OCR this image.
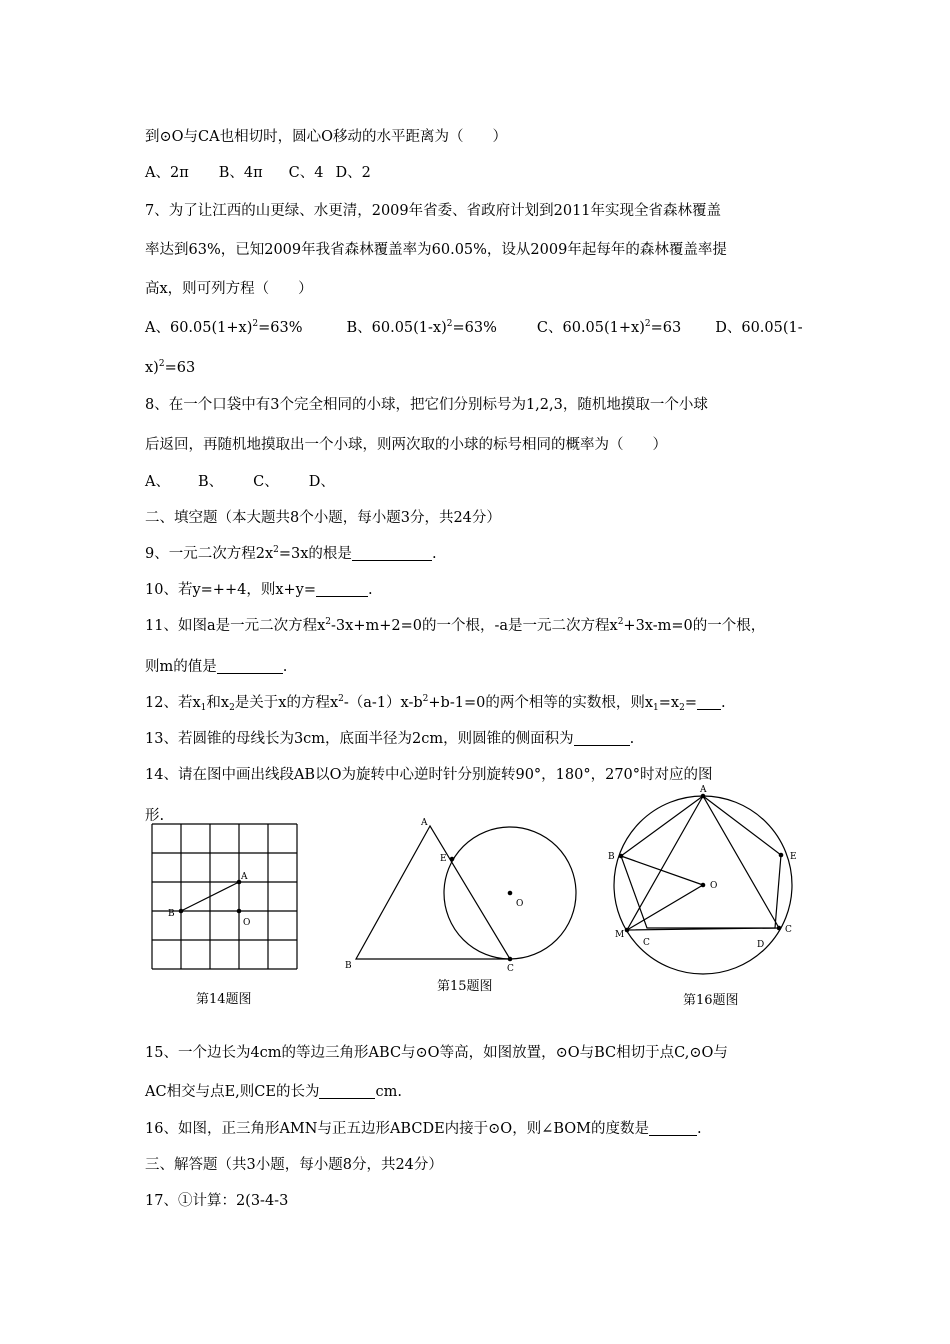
到⊙O与CA也相切时，圆心O移动的水平距离为（　　）
A、2π B、4π C、4 D、2
7、为了让江西的山更绿、水更清，2009年省委、省政府计划到2011年实现全省森林覆盖
率达到63%，已知2009年我省森林覆盖率为60.05%，设从2009年起每年的森林覆盖率提
高x，则可列方程（　　）
A、$60.05(1+x)^2=63\%$	B、$60.05(1-x)^2=63\%$	C、$60.05(1+x)^2=63$ D、60.05(1-
x)$^2$=63
8、在一个口袋中有3个完全相同的小球，把它们分别标号为1,2,3，随机地摸取一个小球
后返回，再随机地摸取出一个小球，则两次取的小球的标号相同的概率为（　　）
A、 B、 C、 D、
二、填空题（本大题共8个小题，每小题3分，共24分）
9、一元二次方程$2x^2=3x$的根是	.
10、若y=++4，则x+y=	.
11、如图a是一元二次方程$x^2-3x+m+2=0$的一个根，-a是一元二次方程$x^2+3x-m=0$的一个根，
则m的值是	.
12、若$x_1$和$x_2$是关于x的方程$x^2-(a-1)x-b^2+b-1=0$的两个相等的实数根，则$x_1=x_2=$ .
13、若圆锥的母线长为3cm，底面半径为2cm，则圆锥的侧面积为	.
14、请在图中画出线段AB以O为旋转中心逆时针分别旋转90°，180°，270°时对应的图
形.
A
B
O
第14题图
A
B	C
E
O
第15题图
A
B	E
O
M	C
C	D
第16题图
15、一个边长为4cm的等边三角形ABC与⊙O等高，如图放置，⊙O与BC相切于点C,⊙O与
AC相交与点E,则CE的长为	cm.
16、如图，正三角形AMN与正五边形ABCDE内接于⊙O，则∠BOM的度数是	.
三、解答题（共3小题，每小题8分，共24分）
17、①计算：2(3-4-3
